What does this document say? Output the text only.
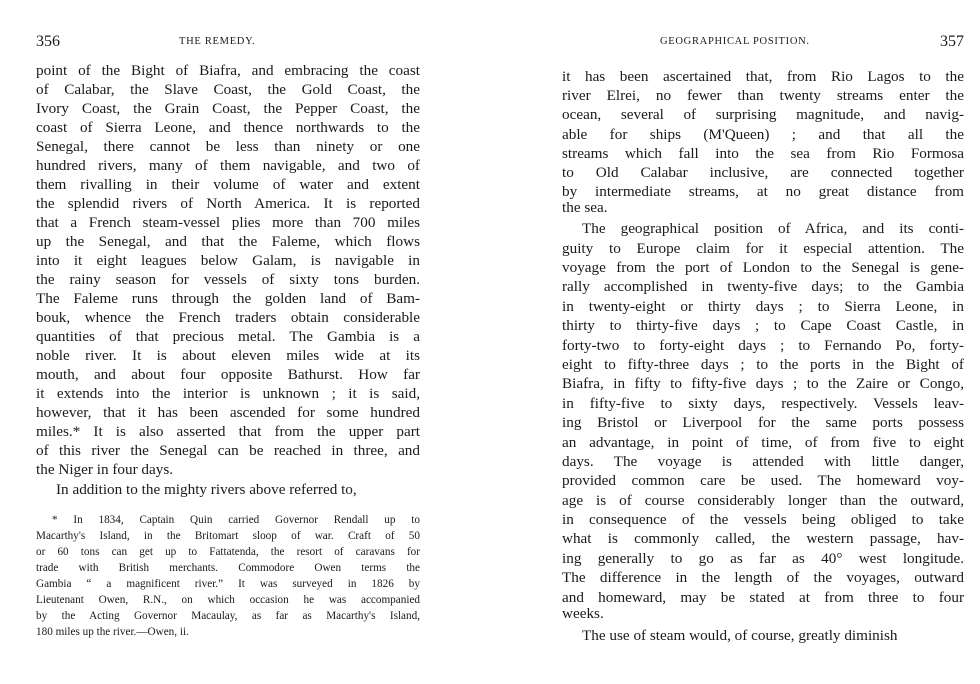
356	THE REMEDY.
point of the Bight of Biafra, and embracing the coast
of Calabar, the Slave Coast, the Gold Coast, the
Ivory Coast, the Grain Coast, the Pepper Coast, the
coast of Sierra Leone, and thence northwards to the
Senegal, there cannot be less than ninety or one
hundred rivers, many of them navigable, and two of
them rivalling in their volume of water and extent
the splendid rivers of North America. It is reported
that a French steam-vessel plies more than 700 miles
up the Senegal, and that the Faleme, which flows
into it eight leagues below Galam, is navigable in
the rainy season for vessels of sixty tons burden.
The Faleme runs through the golden land of Bam-
bouk, whence the French traders obtain considerable
quantities of that precious metal. The Gambia is a
noble river. It is about eleven miles wide at its
mouth, and about four opposite Bathurst. How far
it extends into the interior is unknown ; it is said,
however, that it has been ascended for some hundred
miles.* It is also asserted that from the upper part
of this river the Senegal can be reached in three, and
the Niger in four days.
In addition to the mighty rivers above referred to,
* In 1834, Captain Quin carried Governor Rendall up to
Macarthy's Island, in the Britomart sloop of war. Craft of 50
or 60 tons can get up to Fattatenda, the resort of caravans for
trade with British merchants. Commodore Owen terms the
Gambia “ a magnificent river.” It was surveyed in 1826 by
Lieutenant Owen, R.N., on which occasion he was accompanied
by the Acting Governor Macaulay, as far as Macarthy's Island,
180 miles up the river.—Owen, ii.
GEOGRAPHICAL POSITION.	357
it has been ascertained that, from Rio Lagos to the
river Elrei, no fewer than twenty streams enter the
ocean, several of surprising magnitude, and navig-
able for ships (M'Queen) ; and that all the
streams which fall into the sea from Rio Formosa
to Old Calabar inclusive, are connected together
by intermediate streams, at no great distance from
the sea.
The geographical position of Africa, and its conti-
guity to Europe claim for it especial attention. The
voyage from the port of London to the Senegal is gene-
rally accomplished in twenty-five days; to the Gambia
in twenty-eight or thirty days ; to Sierra Leone, in
thirty to thirty-five days ; to Cape Coast Castle, in
forty-two to forty-eight days ; to Fernando Po, forty-
eight to fifty-three days ; to the ports in the Bight of
Biafra, in fifty to fifty-five days ; to the Zaire or Congo,
in fifty-five to sixty days, respectively. Vessels leav-
ing Bristol or Liverpool for the same ports possess
an advantage, in point of time, of from five to eight
days. The voyage is attended with little danger,
provided common care be used. The homeward voy-
age is of course considerably longer than the outward,
in consequence of the vessels being obliged to take
what is commonly called, the western passage, hav-
ing generally to go as far as 40° west longitude.
The difference in the length of the voyages, outward
and homeward, may be stated at from three to four
weeks.
The use of steam would, of course, greatly diminish
